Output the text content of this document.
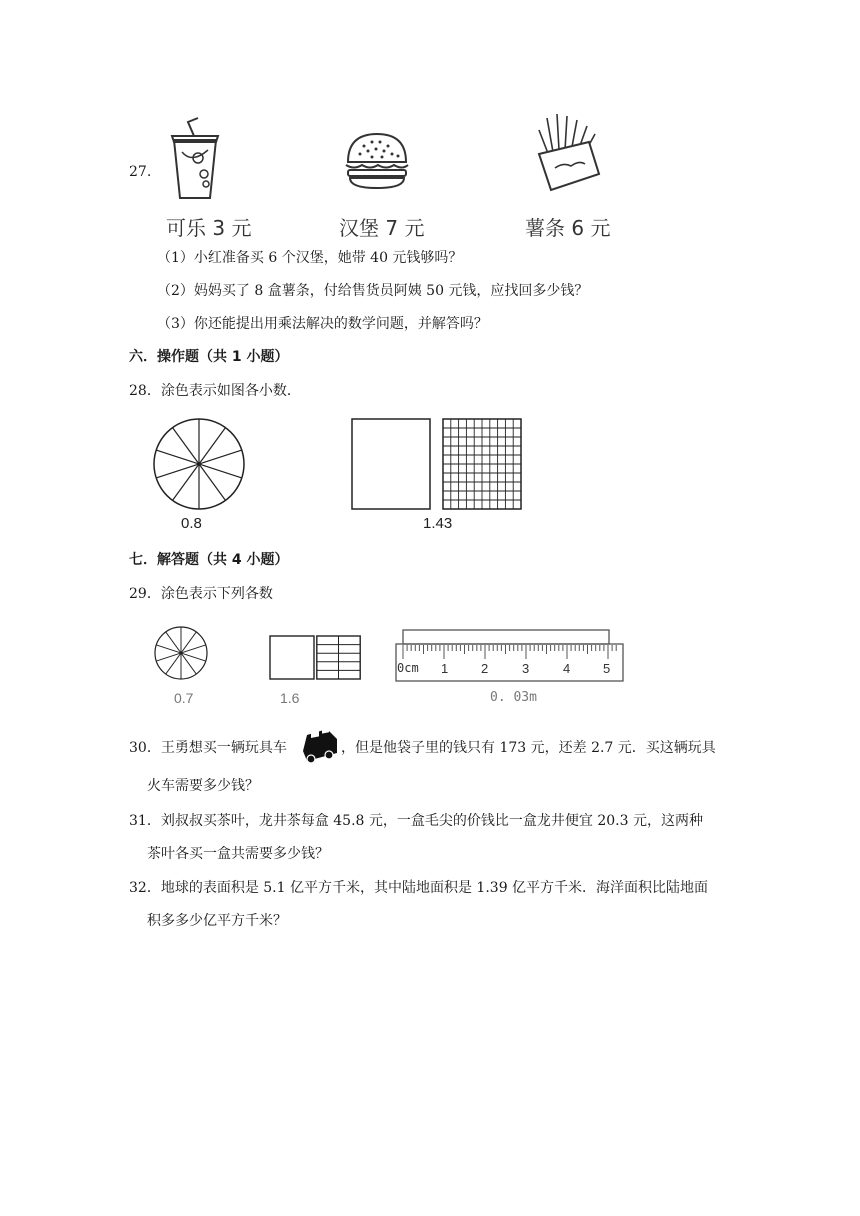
27.
可乐 3 元	汉堡 7 元	薯条 6 元
（1）小红准备买 6 个汉堡，她带 40 元钱够吗？
（2）妈妈买了 8 盒薯条，付给售货员阿姨 50 元钱，应找回多少钱？
（3）你还能提出用乘法解决的数学问题，并解答吗？
六．操作题（共 1 小题）
28．涂色表示如图各小数．
0.8	1.43
七．解答题（共 4 小题）
29．涂色表示下列各数
0.7	1.6
0cm 1	2	3	4	5
0. 03m
30．王勇想买一辆玩具车	，但是他袋子里的钱只有 173 元，还差 2.7 元．买这辆玩具
火车需要多少钱？
31．刘叔叔买茶叶，龙井茶每盒 45.8 元，一盒毛尖的价钱比一盒龙井便宜 20.3 元，这两种
茶叶各买一盒共需要多少钱？
32．地球的表面积是 5.1 亿平方千米，其中陆地面积是 1.39 亿平方千米．海洋面积比陆地面
积多多少亿平方千米？
